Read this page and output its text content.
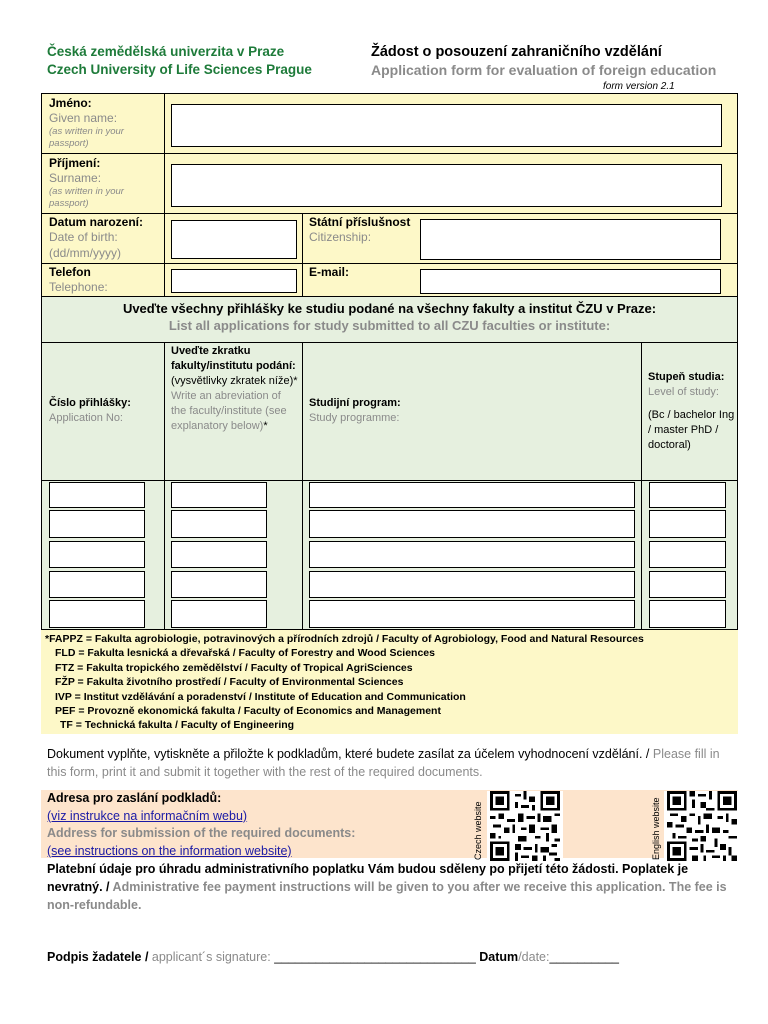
Česká zemědělská univerzita v Praze
Czech University of Life Sciences Prague
Žádost o posouzení zahraničního vzdělání
Application form for evaluation of foreign education
form version 2.1
Jméno:
Given name:
(as written in your passport)
Příjmení:
Surname:
(as written in your passport)
Datum narození:
Date of birth:
(dd/mm/yyyy)
Státní příslušnost
Citizenship:
Telefon
Telephone:
E-mail:
Uveďte všechny přihlášky ke studiu podané na všechny fakulty a institut ČZU v Praze:
List all applications for study submitted to all CZU faculties or institute:
Číslo přihlášky:
Application No:
Uveďte zkratku fakulty/institutu podání:
(vysvětlivky zkratek níže)*
Write an abreviation of the faculty/institute (see explanatory below)*
Studijní program:
Study programme:
Stupeň studia:
Level of study:
(Bc / bachelor Ing / master PhD / doctoral)
*FAPPZ = Fakulta agrobiologie, potravinových a přírodních zdrojů / Faculty of Agrobiology, Food and Natural Resources
FLD = Fakulta lesnická a dřevařská / Faculty of Forestry and Wood Sciences
FTZ = Fakulta tropického zemědělství / Faculty of Tropical AgriSciences
FŽP = Fakulta životního prostředí / Faculty of Environmental Sciences
IVP = Institut vzdělávání a poradenství / Institute of Education and Communication
PEF = Provozně ekonomická fakulta / Faculty of Economics and Management
TF = Technická fakulta / Faculty of Engineering
Dokument vyplňte, vytiskněte a přiložte k podkladům, které budete zasílat za účelem vyhodnocení vzdělání. / Please fill in this form, print it and submit it together with the rest of the required documents.
Adresa pro zaslání podkladů:
(viz instrukce na informačním webu)
Address for submission of the required documents:
(see instructions on the information website)	Czech website	English website
Platební údaje pro úhradu administrativního poplatku Vám budou sděleny po přijetí této žádosti. Poplatek je nevratný. / Administrative fee payment instructions will be given to you after we receive this application. The fee is non-refundable.
Podpis žadatele / applicant´s signature: _____________________________ Datum/date:__________
